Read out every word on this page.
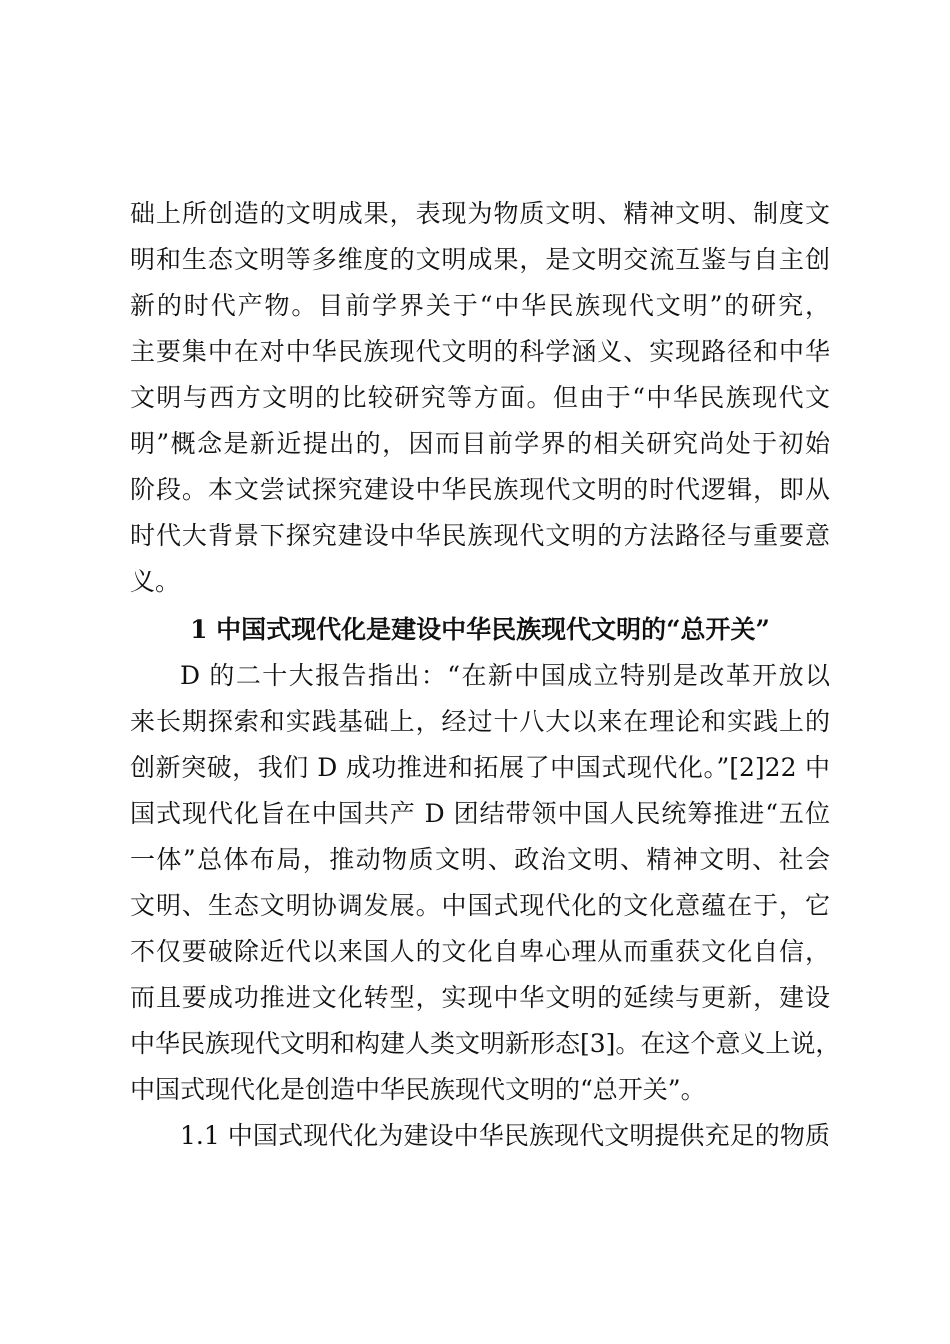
础上所创造的文明成果，表现为物质文明、精神文明、制度文
明和生态文明等多维度的文明成果，是文明交流互鉴与自主创
新的时代产物。目前学界关于“中华民族现代文明”的研究，
主要集中在对中华民族现代文明的科学涵义、实现路径和中华
文明与西方文明的比较研究等方面。但由于“中华民族现代文
明”概念是新近提出的，因而目前学界的相关研究尚处于初始
阶段。本文尝试探究建设中华民族现代文明的时代逻辑，即从
时代大背景下探究建设中华民族现代文明的方法路径与重要意
义。
1 中国式现代化是建设中华民族现代文明的“总开关”
D 的二十大报告指出：“在新中国成立特别是改革开放以
来长期探索和实践基础上，经过十八大以来在理论和实践上的
创新突破，我们 D 成功推进和拓展了中国式现代化。”[2]22 中
国式现代化旨在中国共产 D 团结带领中国人民统筹推进“五位
一体”总体布局，推动物质文明、政治文明、精神文明、社会
文明、生态文明协调发展。中国式现代化的文化意蕴在于，它
不仅要破除近代以来国人的文化自卑心理从而重获文化自信，
而且要成功推进文化转型，实现中华文明的延续与更新，建设
中华民族现代文明和构建人类文明新形态[3]。在这个意义上说，
中国式现代化是创造中华民族现代文明的“总开关”。
1.1 中国式现代化为建设中华民族现代文明提供充足的物质
